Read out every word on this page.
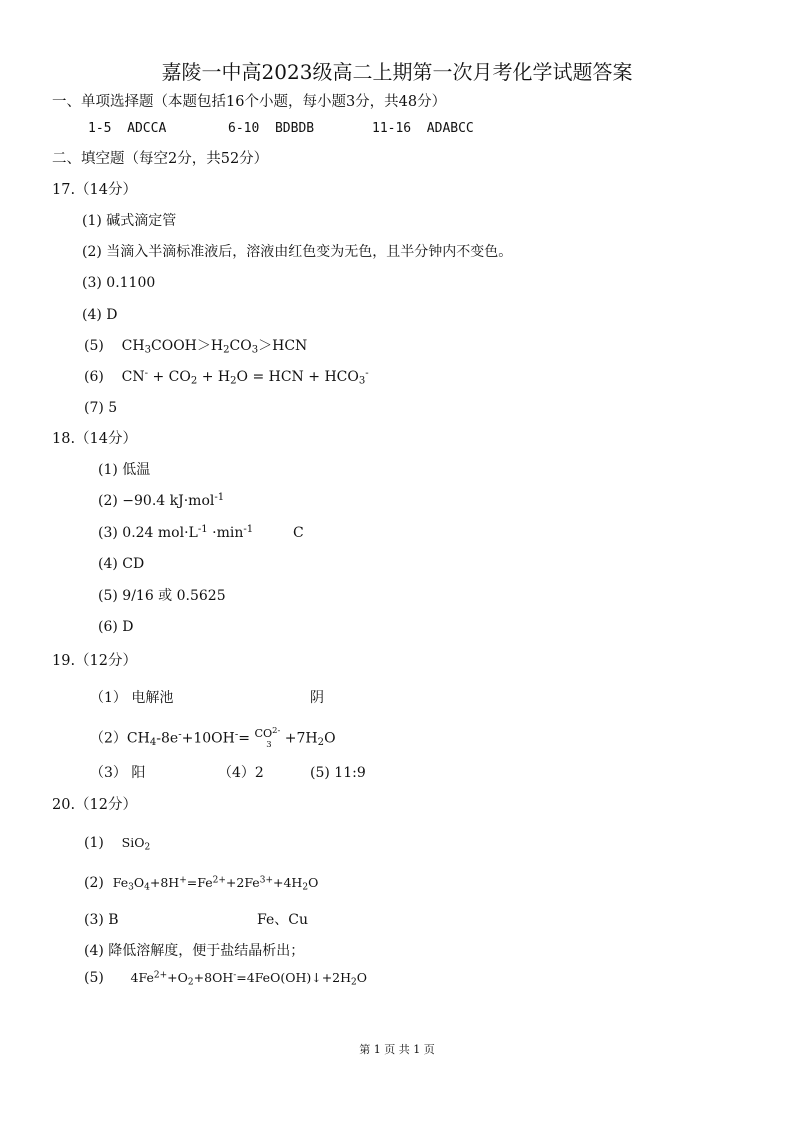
嘉陵一中高2023级高二上期第一次月考化学试题答案
一、单项选择题（本题包括16个小题，每小题3分，共48分）
1-5 ADCCA	6-10 BDBDB	11-16 ADABCC
二、填空题（每空2分，共52分）
17.（14分）
(1) 碱式滴定管
(2) 当滴入半滴标准液后，溶液由红色变为无色，且半分钟内不变色。
(3) 0.1100
(4) D
(5)    $CH_3COOH>H_2CO_3>HCN$
(6)    $CN^- + CO_2 + H_2O$ = HCN + $HCO_3^-$
(7) 5
18.（14分）
(1) 低温
(2) −90.4 kJ·mol$^{-1}$
(3) 0.24 $mol\cdot L^{-1} \cdot\min^{-1}$	C
(4) CD
(5) 9/16 或 0.5625
(6) D
19.（12分）
（1） 电解池	阴
$(2)CH_4-8e^-+10OH^-= CO^{2-}$
$3 +7H_2O$
（3） 阳	（4）2	(5) 11:9
20.（12分）
(1) SiO$_2$
(2) $Fe_3O_4+8H^+=Fe^{2+}+2Fe^{3+}+4H_2O$
(3) B	Fe、Cu
(4) 降低溶解度，便于盐结晶析出；
(5) $4Fe^{2+}+O_2+8OH^-=4FeO(OH)↓+2H_2O$
第 1 页 共 1 页
